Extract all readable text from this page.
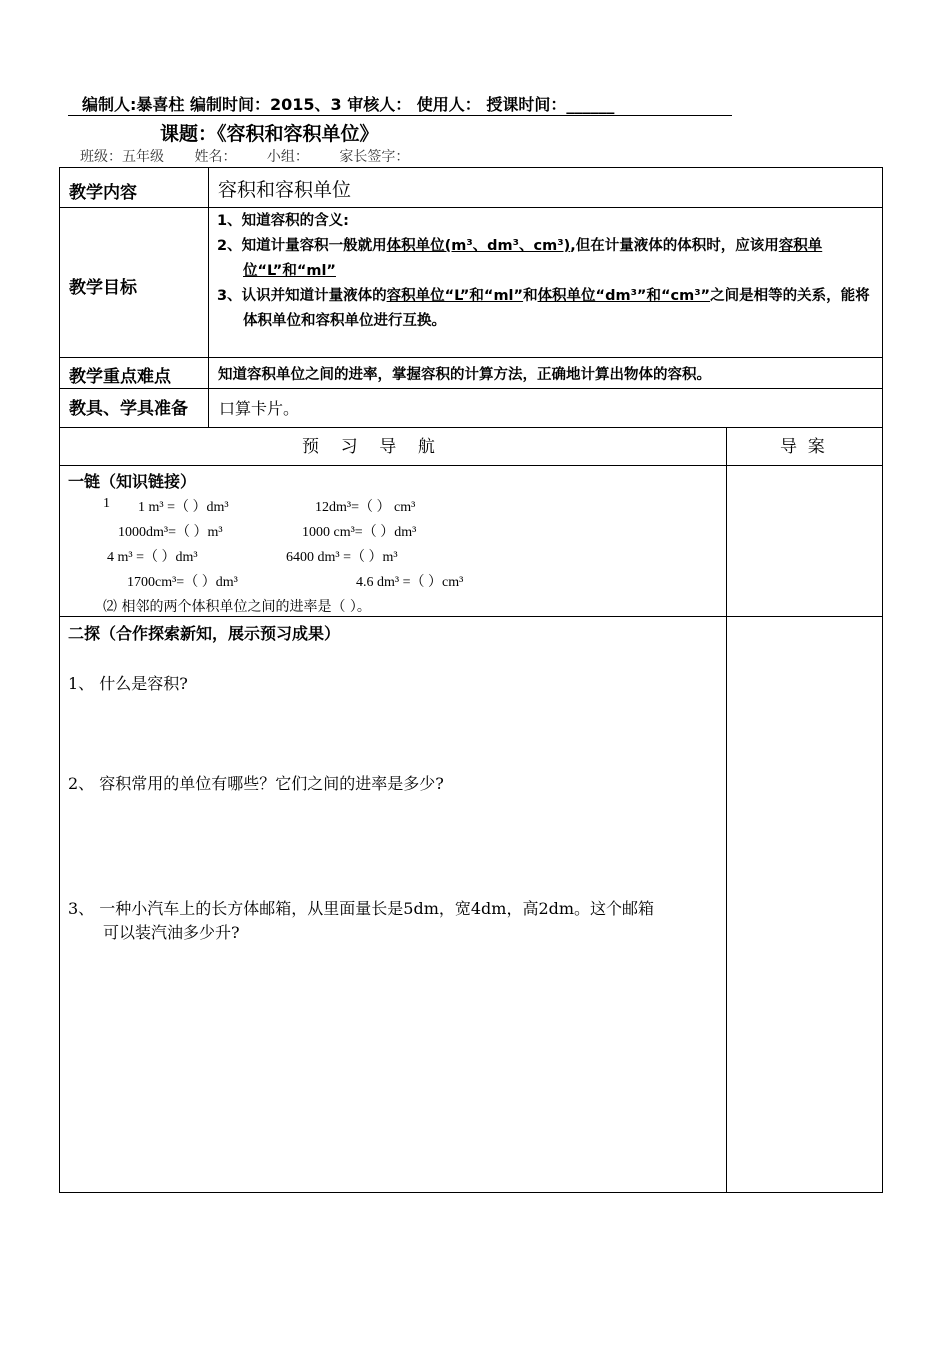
编制人:暴喜柱 编制时间：2015、3 审核人： 使用人： 授课时间：______
课题：《容积和容积单位》
班级：五年级 姓名： 小组： 家长签字：
教学内容	容积和容积单位
教学目标
1、知道容积的含义:
2、知道计量容积一般就用体积单位(m³、dm³、cm³),但在计量液体的体积时，应该用容积单位“L”和“ml”
3、认识并知道计量液体的容积单位“L”和“ml”和体积单位“dm³”和“cm³”之间是相等的关系，能将体积单位和容积单位进行互换。
教学重点难点	知道容积单位之间的进率，掌握容积的计算方法，正确地计算出物体的容积。
教具、学具准备 口算卡片。
预    习    导    航	导  案
一链（知识链接）
1 1 m³ =（ ）dm³	12dm³=（ ） cm³
1000dm³=（ ）m³	1000 cm³=（ ）dm³
4 m³ =（ ）dm³	6400 dm³ =（ ）m³
1700cm³=（ ）dm³	4.6 dm³ =（ ）cm³
⑵ 相邻的两个体积单位之间的进率是（ ）。
二探（合作探索新知，展示预习成果）
1、 什么是容积?
2、 容积常用的单位有哪些？它们之间的进率是多少?
3、 一种小汽车上的长方体邮箱，从里面量长是5dm，宽4dm，高2dm。这个邮箱
可以装汽油多少升?
